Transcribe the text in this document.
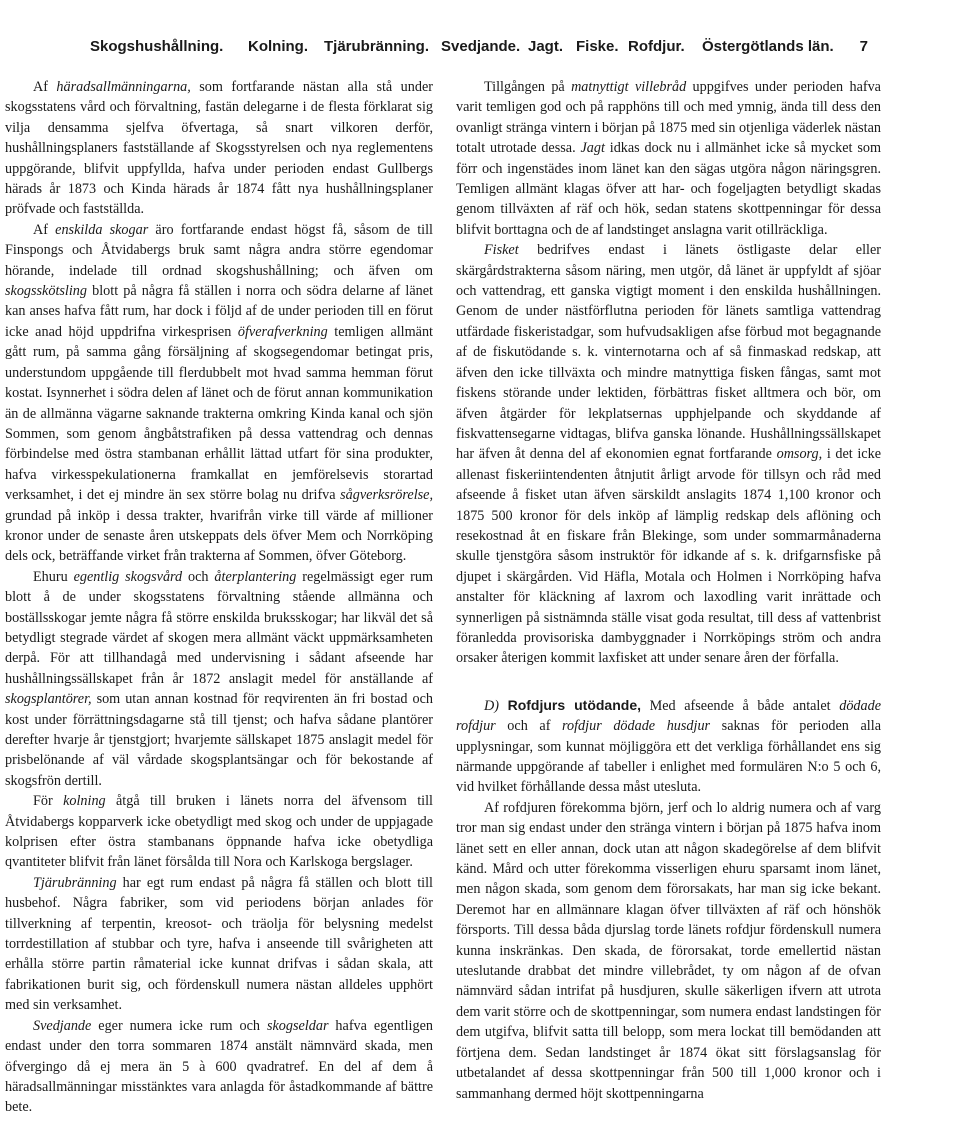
Skogshushållning. Kolning. Tjärubränning. Svedjande. Jagt. Fiske. Rofdjur. Östergötlands län. 7

Af häradsallmänningarna, som fortfarande nästan alla stå under skogsstatens vård och förvaltning, fastän delegarne i de flesta förklarat sig vilja densamma sjelfva öfvertaga, så snart vilkoren derför, hushållningsplaners fastställande af Skogsstyrelsen och nya reglementens uppgörande, blifvit uppfyllda, hafva under perioden endast Gullbergs härads år 1873 och Kinda härads år 1874 fått nya hushållningsplaner pröfvade och fastställda.

Af enskilda skogar äro fortfarande endast högst få, såsom de till Finspongs och Åtvidabergs bruk samt några andra större egendomar hörande, indelade till ordnad skogshushållning; och äfven om skogsskötsling blott på några få ställen i norra och södra delarne af länet kan anses hafva fått rum, har dock i följd af de under perioden till en förut icke anad höjd uppdrifna virkesprisen öfverafverkning temligen allmänt gått rum, på samma gång försäljning af skogsegendomar betingat pris, understundom uppgående till flerdubbelt mot hvad samma hemman förut kostat. Isynnerhet i södra delen af länet och de förut annan kommunikation än de allmänna vägarne saknande trakterna omkring Kinda kanal och sjön Sommen, som genom ångbåtstrafiken på dessa vattendrag och dennas förbindelse med östra stambanan erhållit lättad utfart för sina produkter, hafva virkesspekulationerna framkallat en jemförelsevis storartad verksamhet, i det ej mindre än sex större bolag nu drifva sågverksrörelse, grundad på inköp i dessa trakter, hvarifrån virke till värde af millioner kronor under de senaste åren utskeppats dels öfver Mem och Norrköping dels ock, beträffande virket från trakterna af Sommen, öfver Göteborg.

Ehuru egentlig skogsvård och återplantering regelmässigt eger rum blott å de under skogsstatens förvaltning stående allmänna och boställsskogar jemte några få större enskilda bruksskogar; har likväl det så betydligt stegrade värdet af skogen mera allmänt väckt uppmärksamheten derpå. För att tillhandagå med undervisning i sådant afseende har hushållningssällskapet från år 1872 anslagit medel för anställande af skogsplantörer, som utan annan kostnad för reqvirenten än fri bostad och kost under förrättningsdagarne stå till tjenst; och hafva sådane plantörer derefter hvarje år tjenstgjort; hvarjemte sällskapet 1875 anslagit medel för prisbelönande af väl vårdade skogsplantsängar och för bekostande af skogsfrön dertill.

För kolning åtgå till bruken i länets norra del äfvensom till Åtvidabergs kopparverk icke obetydligt med skog och under de uppjagade kolprisen efter östra stambanans öppnande hafva icke obetydliga qvantiteter blifvit från länet försålda till Nora och Karlskoga bergslager.

Tjärubränning har egt rum endast på några få ställen och blott till husbehof. Några fabriker, som vid periodens början anlades för tillverkning af terpentin, kreosot- och träolja för belysning medelst torrdestillation af stubbar och tyre, hafva i anseende till svårigheten att erhålla större partin råmaterial icke kunnat drifvas i sådan skala, att fabrikationen burit sig, och fördenskull numera nästan alldeles upphört med sin verksamhet.

Svedjande eger numera icke rum och skogseldar hafva egentligen endast under den torra sommaren 1874 anstält nämnvärd skada, men öfvergingo då ej mera än 5 à 600 qvadratref. En del af dem å häradsallmänningar misstänktes vara anlagda för åstadkommande af bättre bete.

Tillgången på matnyttigt villebråd uppgifves under perioden hafva varit temligen god och på rapphöns till och med ymnig, ända till dess den ovanligt stränga vintern i början på 1875 med sin otjenliga väderlek nästan totalt utrotade dessa. Jagt idkas dock nu i allmänhet icke så mycket som förr och ingenstädes inom länet kan den sägas utgöra någon näringsgren. Temligen allmänt klagas öfver att har- och fogeljagten betydligt skadas genom tillväxten af räf och hök, sedan statens skottpenningar för dessa blifvit borttagna och de af landstinget anslagna varit otillräckliga.

Fisket bedrifves endast i länets östligaste delar eller skärgårdstrakterna såsom näring, men utgör, då länet är uppfyldt af sjöar och vattendrag, ett ganska vigtigt moment i den enskilda hushållningen. Genom de under nästförflutna perioden för länets samtliga vattendrag utfärdade fiskeristadgar, som hufvudsakligen afse förbud mot begagnande af de fiskutödande s. k. vinternotarna och af så finmaskad redskap, att äfven den icke tillväxta och mindre matnyttiga fisken fångas, samt mot fiskens störande under lektiden, förbättras fisket alltmera och bör, om äfven åtgärder för lekplatsernas upphjelpande och skyddande af fiskvattensegarne vidtagas, blifva ganska lönande. Hushållningssällskapet har äfven åt denna del af ekonomien egnat fortfarande omsorg, i det icke allenast fiskeriintendenten åtnjutit årligt arvode för tillsyn och råd med afseende å fisket utan äfven särskildt anslagits 1874 1,100 kronor och 1875 500 kronor för dels inköp af lämplig redskap dels aflöning och resekostnad åt en fiskare från Blekinge, som under sommarmånaderna skulle tjenstgöra såsom instruktör för idkande af s. k. drifgarnsfiske på djupet i skärgården. Vid Häfla, Motala och Holmen i Norrköping hafva anstalter för kläckning af laxrom och laxodling varit inrättade och synnerligen på sistnämnda ställe visat goda resultat, till dess af vattenbrist föranledda provisoriska dambyggnader i Norrköpings ström och andra orsaker återigen kommit laxfisket att under senare åren der förfalla.

D) Rofdjurs utödande, Med afseende å både antalet dödade rofdjur och af rofdjur dödade husdjur saknas för perioden alla upplysningar, som kunnat möjliggöra ett det verkliga förhållandet ens sig närmande uppgörande af tabeller i enlighet med formulären N:o 5 och 6, vid hvilket förhållande dessa måst utesluta.

Af rofdjuren förekomma björn, jerf och lo aldrig numera och af varg tror man sig endast under den stränga vintern i början på 1875 hafva inom länet sett en eller annan, dock utan att någon skadegörelse af dem blifvit känd. Mård och utter förekomma visserligen ehuru sparsamt inom länet, men någon skada, som genom dem förorsakats, har man sig icke bekant. Deremot har en allmännare klagan öfver tillväxten af räf och hönshök försports. Till dessa båda djurslag torde länets rofdjur fördenskull numera kunna inskränkas. Den skada, de förorsakat, torde emellertid nästan uteslutande drabbat det mindre villebrådet, ty om någon af de ofvan nämnvärd sådan intrifat på husdjuren, skulle säkerligen ifvern att utrota dem varit större och de skottpenningar, som numera endast landstingen för dem utgifva, blifvit satta till belopp, som mera lockat till bemödanden att förtjena dem. Sedan landstinget år 1874 ökat sitt förslagsanslag för utbetalandet af dessa skottpenningar från 500 till 1,000 kronor och i sammanhang dermed höjt skottpenningarna
